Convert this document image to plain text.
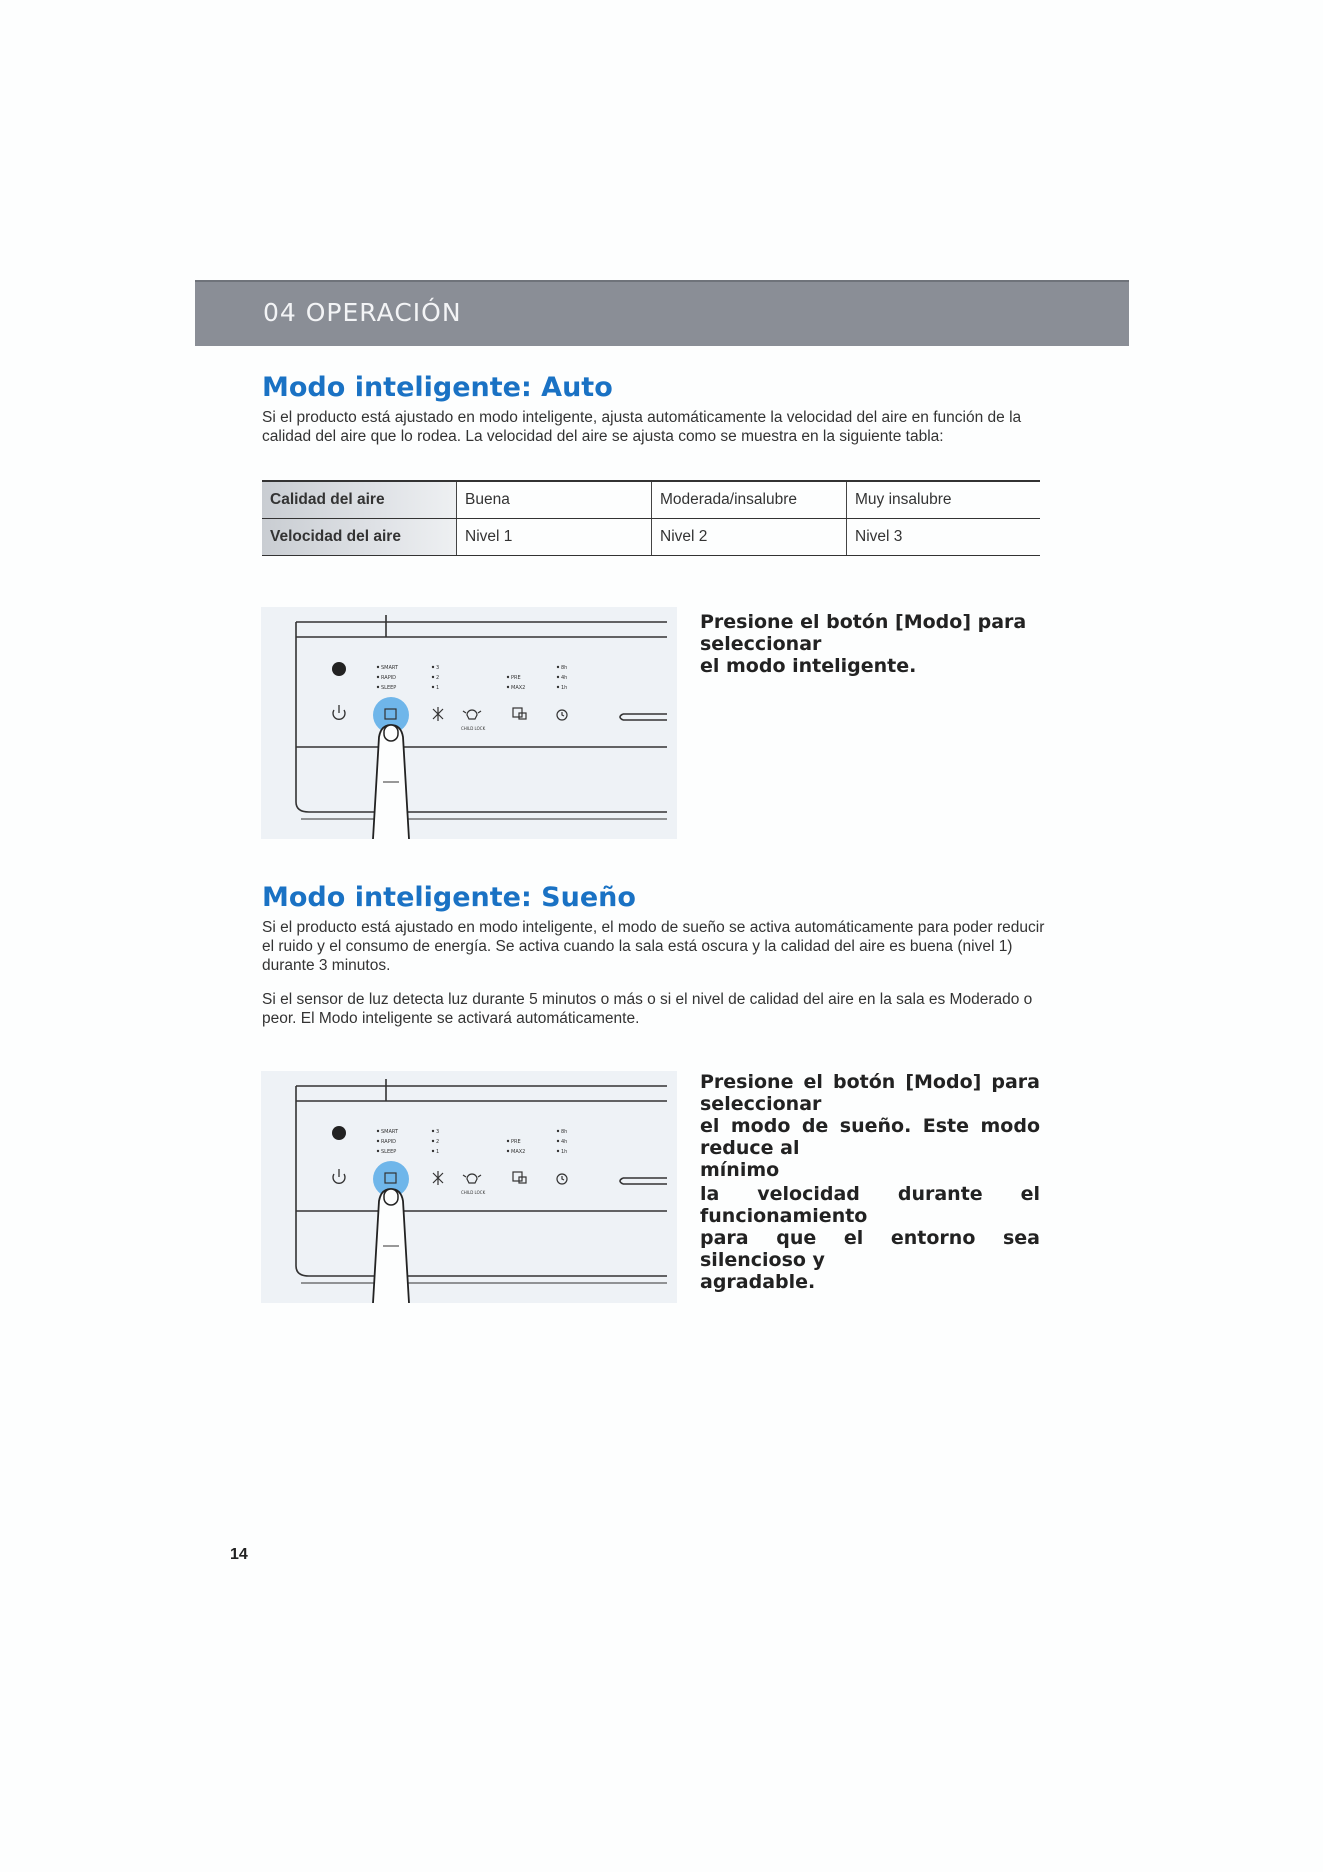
04 OPERACIÓN
Modo inteligente: Auto

Si el producto está ajustado en modo inteligente, ajusta automáticamente la velocidad del aire en función de la

calidad del aire que lo rodea. La velocidad del aire se ajusta como se muestra en la siguiente tabla:

Calidad del aire	Buena	Moderada/insalubre	Muy insalubre
Velocidad del aire	Nivel 1	Nivel 2	Nivel 3
SMART
RAPID
SLEEP
3
2
1
PRE
MAX2
8h
4h
1h
CHILD LOCK

Presione el botón [Modo] para seleccionar

el modo inteligente.

Modo inteligente: Sueño

Si el producto está ajustado en modo inteligente, el modo de sueño se activa automáticamente para poder reducir

el ruido y el consumo de energía. Se activa cuando la sala está oscura y la calidad del aire es buena (nivel 1)

durante 3 minutos.

Si el sensor de luz detecta luz durante 5 minutos o más o si el nivel de calidad del aire en la sala es Moderado o

peor. El Modo inteligente se activará automáticamente.

SMART
RAPID
SLEEP
3
2
1
PRE
MAX2
8h
4h
1h
CHILD LOCK

Presione el botón [Modo] para seleccionar

el modo de sueño. Este modo reduce al

mínimo

la velocidad durante el funcionamiento

para que el entorno sea silencioso y

agradable.

14
